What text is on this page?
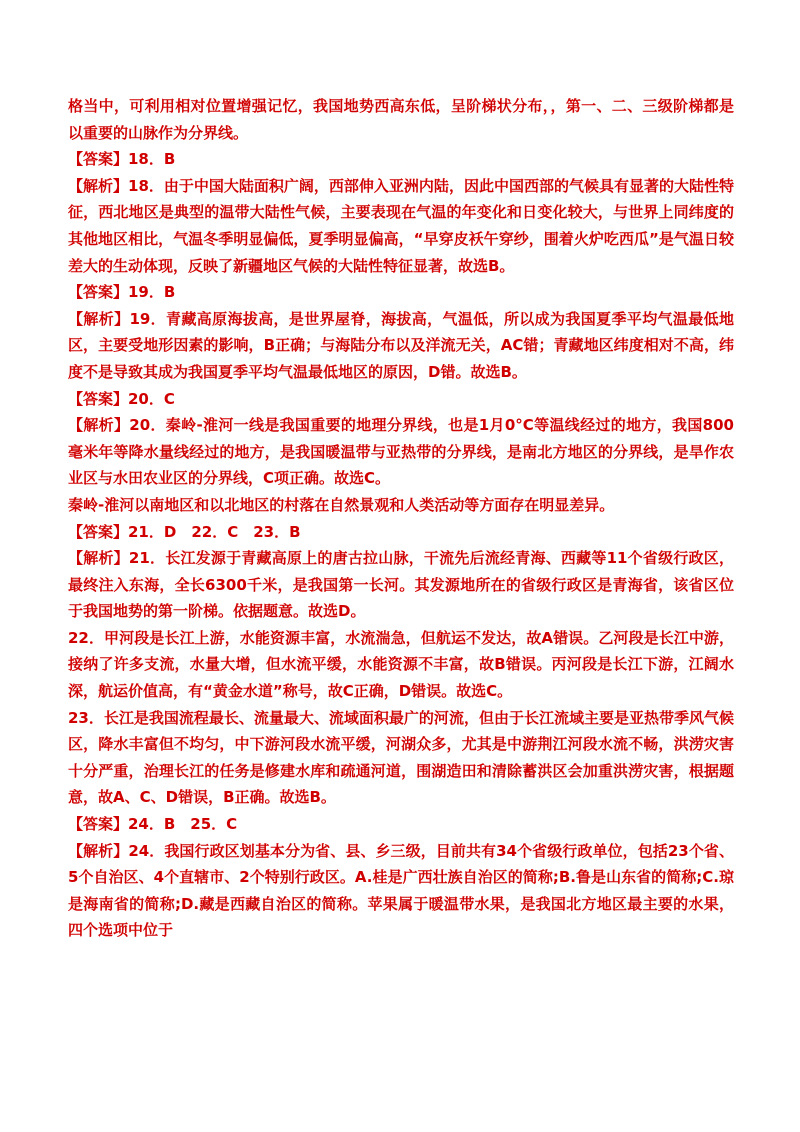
格当中，可利用相对位置增强记忆，我国地势西高东低，呈阶梯状分布，，第一、二、三级阶梯都是以重要的山脉作为分界线。

【答案】18．B

【解析】18．由于中国大陆面积广阔，西部伸入亚洲内陆，因此中国西部的气候具有显著的大陆性特征，西北地区是典型的温带大陆性气候，主要表现在气温的年变化和日变化较大，与世界上同纬度的其他地区相比，气温冬季明显偏低，夏季明显偏高，“早穿皮袄午穿纱，围着火炉吃西瓜”是气温日较差大的生动体现，反映了新疆地区气候的大陆性特征显著，故选B。

【答案】19．B

【解析】19．青藏高原海拔高，是世界屋脊，海拔高，气温低，所以成为我国夏季平均气温最低地区，主要受地形因素的影响，B正确；与海陆分布以及洋流无关，AC错；青藏地区纬度相对不高，纬度不是导致其成为我国夏季平均气温最低地区的原因，D错。故选B。

【答案】20．C

【解析】20．秦岭-淮河一线是我国重要的地理分界线，也是1月0°C等温线经过的地方，我国800毫米年等降水量线经过的地方，是我国暖温带与亚热带的分界线，是南北方地区的分界线，是旱作农业区与水田农业区的分界线，C项正确。故选C。

秦岭-淮河以南地区和以北地区的村落在自然景观和人类活动等方面存在明显差异。

【答案】21．D　22．C　23．B

【解析】21．长江发源于青藏高原上的唐古拉山脉，干流先后流经青海、西藏等11个省级行政区，最终注入东海，全长6300千米，是我国第一长河。其发源地所在的省级行政区是青海省，该省区位于我国地势的第一阶梯。依据题意。故选D。

22．甲河段是长江上游，水能资源丰富，水流湍急，但航运不发达，故A错误。乙河段是长江中游，接纳了许多支流，水量大增，但水流平缓，水能资源不丰富，故B错误。丙河段是长江下游，江阔水深，航运价值高，有“黄金水道”称号，故C正确，D错误。故选C。

23．长江是我国流程最长、流量最大、流域面积最广的河流，但由于长江流域主要是亚热带季风气候区，降水丰富但不均匀，中下游河段水流平缓，河湖众多，尤其是中游荆江河段水流不畅，洪涝灾害十分严重，治理长江的任务是修建水库和疏通河道，围湖造田和清除蓄洪区会加重洪涝灾害，根据题意，故A、C、D错误，B正确。故选B。

【答案】24．B　25．C

【解析】24．我国行政区划基本分为省、县、乡三级，目前共有34个省级行政单位，包括23个省、5个自治区、4个直辖市、2个特别行政区。A.桂是广西壮族自治区的简称;B.鲁是山东省的简称;C.琼是海南省的简称;D.藏是西藏自治区的简称。苹果属于暖温带水果，是我国北方地区最主要的水果，四个选项中位于
